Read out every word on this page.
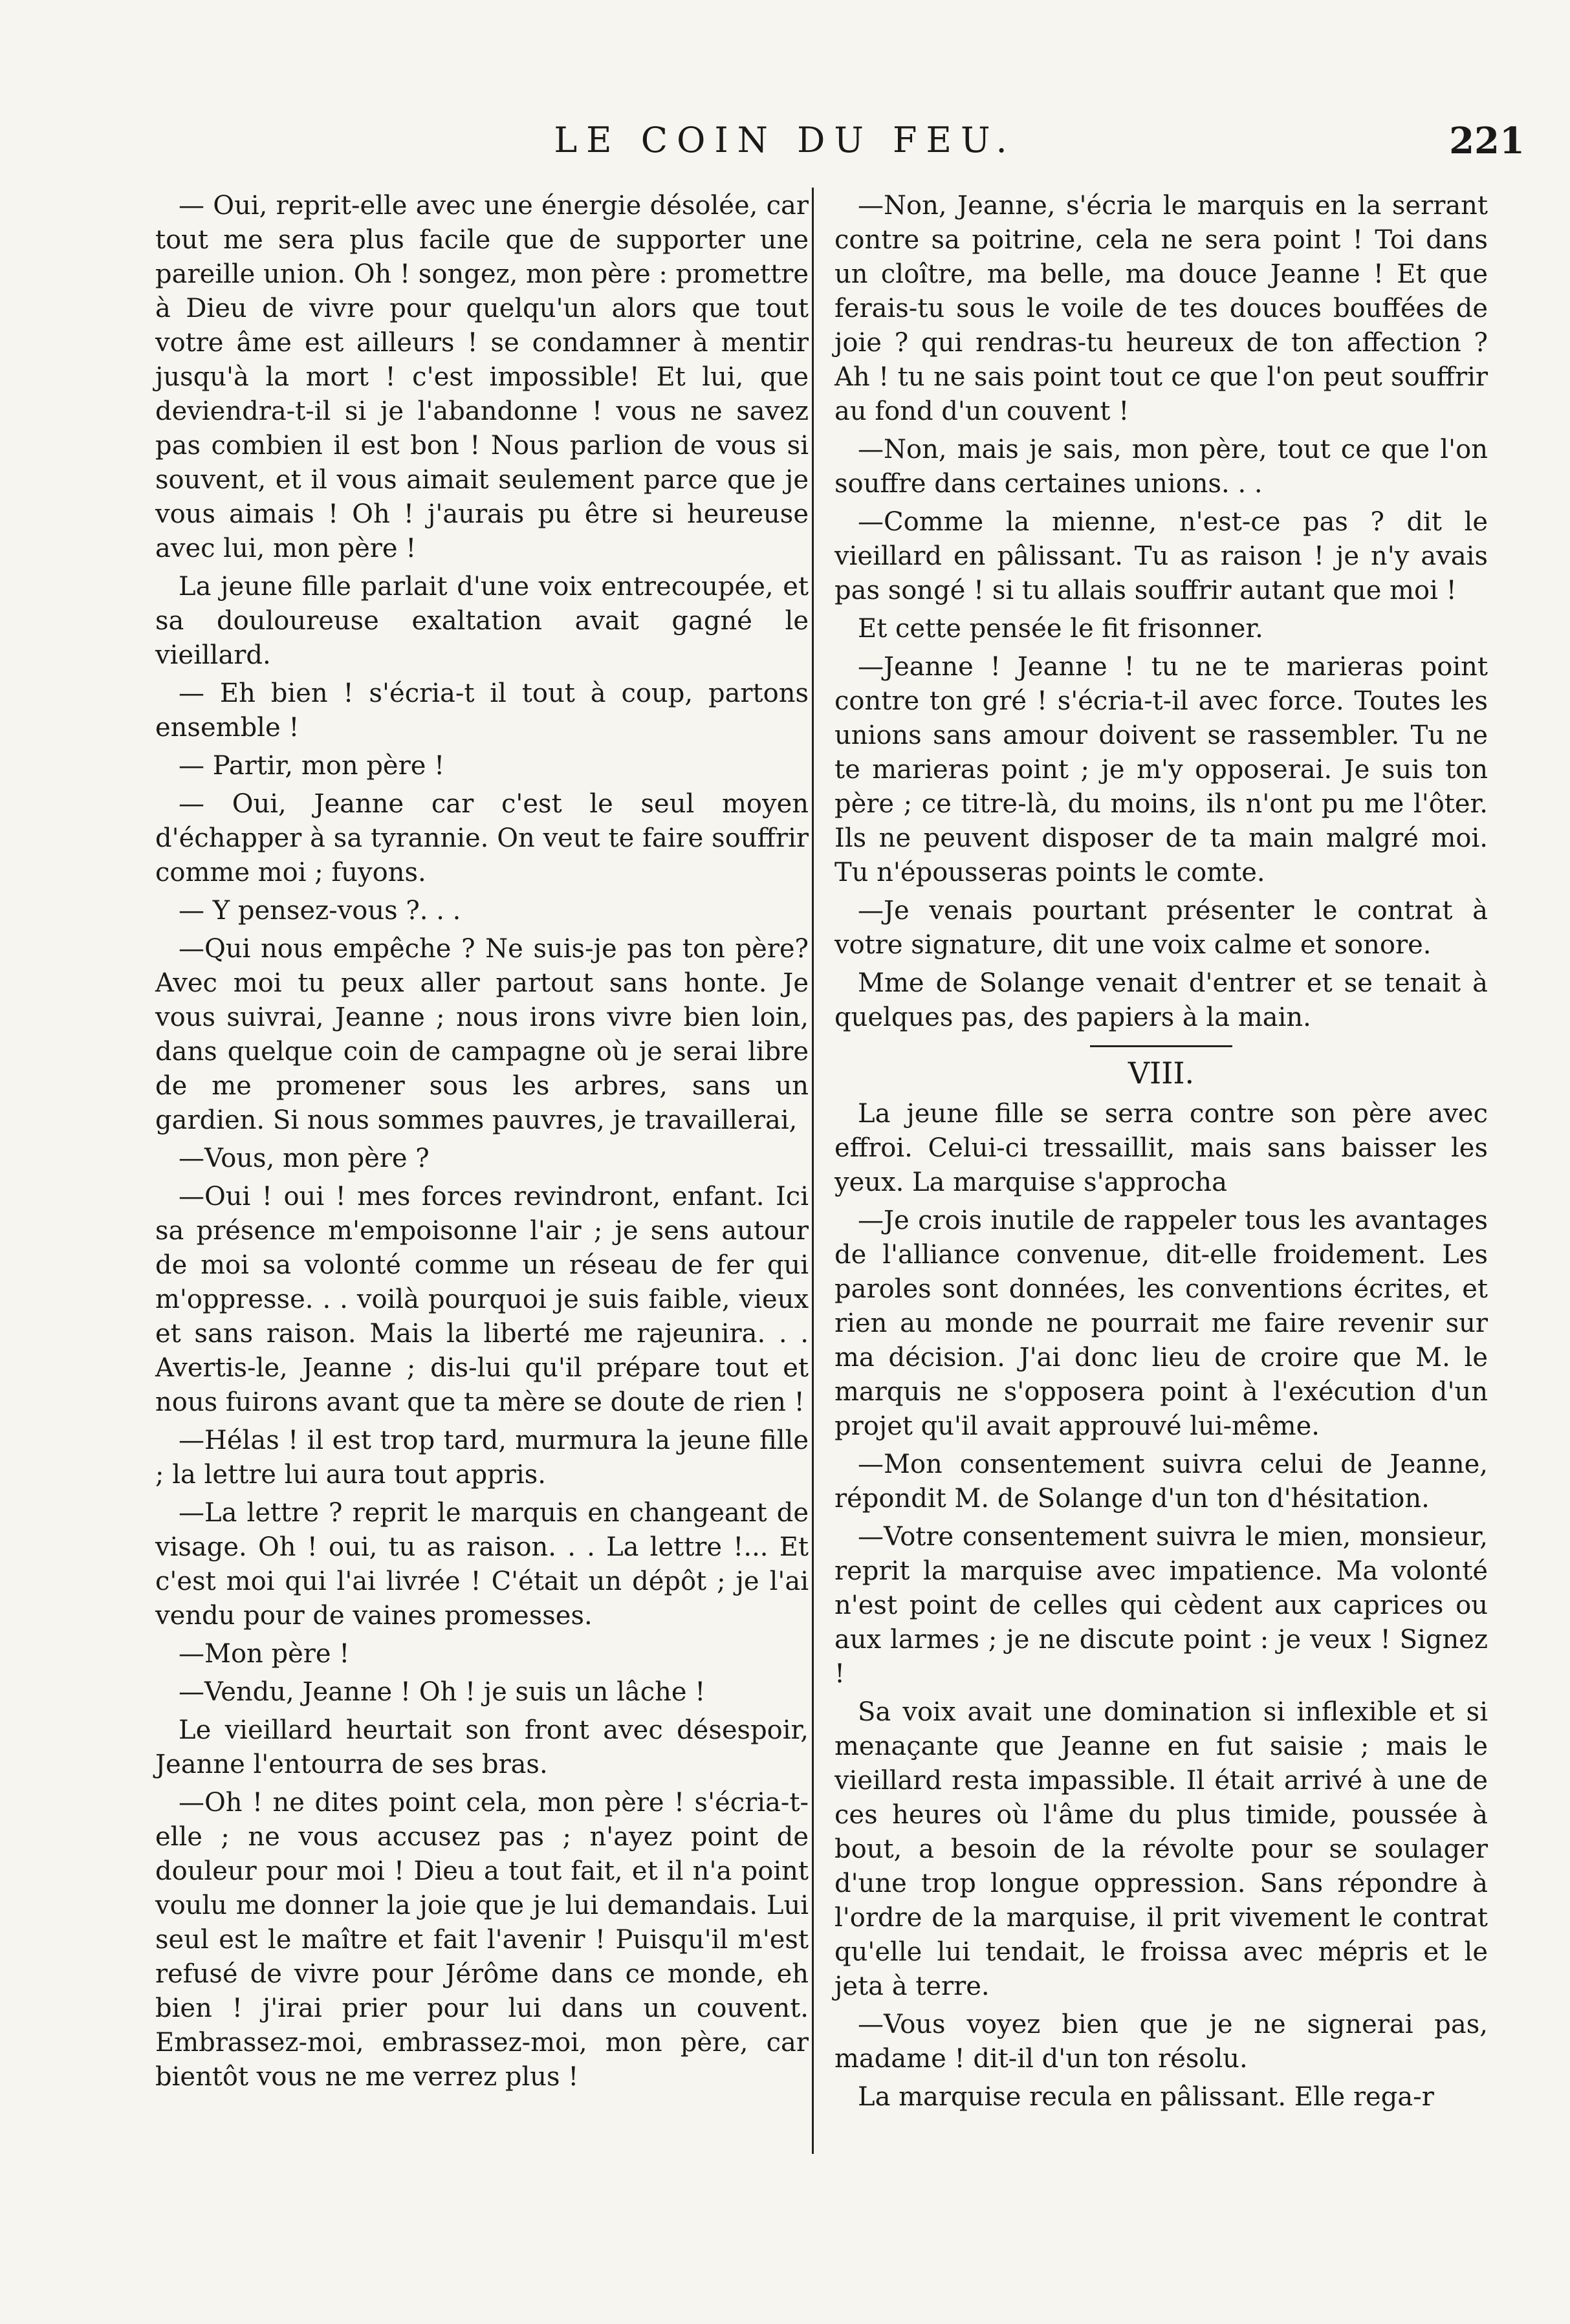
LE COIN DU FEU.	221

— Oui, reprit-elle avec une énergie désolée, car tout me sera plus facile que de supporter une pareille union. Oh ! songez, mon père : promettre à Dieu de vivre pour quelqu'un alors que tout votre âme est ailleurs ! se condamner à mentir jusqu'à la mort ! c'est impossible! Et lui, que deviendra-t-il si je l'abandonne ! vous ne savez pas combien il est bon ! Nous parlion de vous si souvent, et il vous aimait seulement parce que je vous aimais ! Oh ! j'aurais pu être si heureuse avec lui, mon père !

La jeune fille parlait d'une voix entrecoupée, et sa douloureuse exaltation avait gagné le vieillard.

— Eh bien ! s'écria-t il tout à coup, partons ensemble !

— Partir, mon père !

— Oui, Jeanne car c'est le seul moyen d'échapper à sa tyrannie. On veut te faire souffrir comme moi ; fuyons.

— Y pensez-vous ?. . .

—Qui nous empêche ? Ne suis-je pas ton père? Avec moi tu peux aller partout sans honte. Je vous suivrai, Jeanne ; nous irons vivre bien loin, dans quelque coin de campagne où je serai libre de me promener sous les arbres, sans un gardien. Si nous sommes pauvres, je travaillerai,

—Vous, mon père ?

—Oui ! oui ! mes forces revindront, enfant. Ici sa présence m'empoisonne l'air ; je sens autour de moi sa volonté comme un réseau de fer qui m'oppresse. . . voilà pourquoi je suis faible, vieux et sans raison. Mais la liberté me rajeunira. . . Avertis-le, Jeanne ; dis-lui qu'il prépare tout et nous fuirons avant que ta mère se doute de rien !

—Hélas ! il est trop tard, murmura la jeune fille ; la lettre lui aura tout appris.

—La lettre ? reprit le marquis en changeant de visage. Oh ! oui, tu as raison. . . La lettre !... Et c'est moi qui l'ai livrée ! C'était un dépôt ; je l'ai vendu pour de vaines promesses.

—Mon père !

—Vendu, Jeanne ! Oh ! je suis un lâche !

Le vieillard heurtait son front avec désespoir, Jeanne l'entourra de ses bras.

—Oh ! ne dites point cela, mon père ! s'écria-t-elle ; ne vous accusez pas ; n'ayez point de douleur pour moi ! Dieu a tout fait, et il n'a point voulu me donner la joie que je lui demandais. Lui seul est le maître et fait l'avenir ! Puisqu'il m'est refusé de vivre pour Jérôme dans ce monde, eh bien ! j'irai prier pour lui dans un couvent. Embrassez-moi, embrassez-moi, mon père, car bientôt vous ne me verrez plus !

—Non, Jeanne, s'écria le marquis en la serrant contre sa poitrine, cela ne sera point ! Toi dans un cloître, ma belle, ma douce Jeanne ! Et que ferais-tu sous le voile de tes douces bouffées de joie ? qui rendras-tu heureux de ton affection ? Ah ! tu ne sais point tout ce que l'on peut souffrir au fond d'un couvent !

—Non, mais je sais, mon père, tout ce que l'on souffre dans certaines unions. . .

—Comme la mienne, n'est-ce pas ? dit le vieillard en pâlissant. Tu as raison ! je n'y avais pas songé ! si tu allais souffrir autant que moi !

Et cette pensée le fit frisonner.

—Jeanne ! Jeanne ! tu ne te marieras point contre ton gré ! s'écria-t-il avec force. Toutes les unions sans amour doivent se rassembler. Tu ne te marieras point ; je m'y opposerai. Je suis ton père ; ce titre-là, du moins, ils n'ont pu me l'ôter. Ils ne peuvent disposer de ta main malgré moi. Tu n'épousseras points le comte.

—Je venais pourtant présenter le contrat à votre signature, dit une voix calme et sonore.

Mme de Solange venait d'entrer et se tenait à quelques pas, des papiers à la main.

VIII.

La jeune fille se serra contre son père avec effroi. Celui-ci tressaillit, mais sans baisser les yeux. La marquise s'approcha

—Je crois inutile de rappeler tous les avantages de l'alliance convenue, dit-elle froidement. Les paroles sont données, les conventions écrites, et rien au monde ne pourrait me faire revenir sur ma décision. J'ai donc lieu de croire que M. le marquis ne s'opposera point à l'exécution d'un projet qu'il avait approuvé lui-même.

—Mon consentement suivra celui de Jeanne, répondit M. de Solange d'un ton d'hésitation.

—Votre consentement suivra le mien, monsieur, reprit la marquise avec impatience. Ma volonté n'est point de celles qui cèdent aux caprices ou aux larmes ; je ne discute point : je veux ! Signez !

Sa voix avait une domination si inflexible et si menaçante que Jeanne en fut saisie ; mais le vieillard resta impassible. Il était arrivé à une de ces heures où l'âme du plus timide, poussée à bout, a besoin de la révolte pour se soulager d'une trop longue oppression. Sans répondre à l'ordre de la marquise, il prit vivement le contrat qu'elle lui tendait, le froissa avec mépris et le jeta à terre.

—Vous voyez bien que je ne signerai pas, madame ! dit-il d'un ton résolu.

La marquise recula en pâlissant. Elle rega-r
